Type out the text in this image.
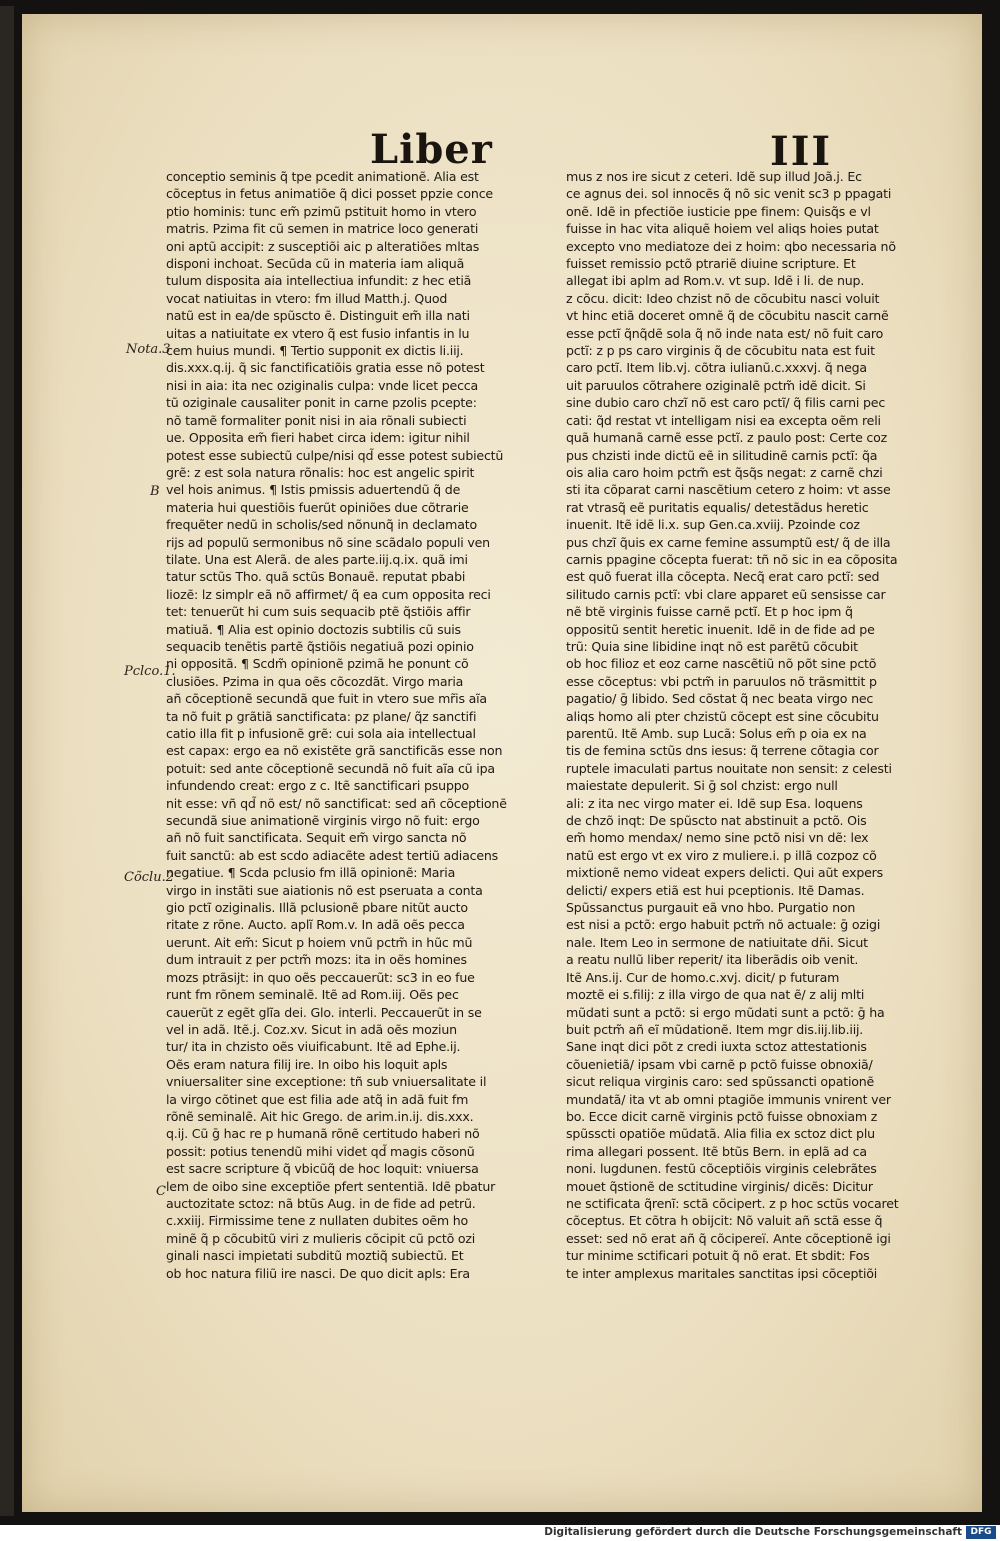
Liber	III
Nota.3
B
Pclco.1.
Cõclu.2
C
conceptio seminis q̃ tpe pcedit animationẽ. Alia est
cõceptus in fetus animatiõe q̃ dici posset ppzie conce
ptio hominis: tunc em̃ pzimũ pstituit homo in vtero
matris. Pzima fit cũ semen in matrice loco generati
oni aptũ accipit: z susceptiõi aic p alteratiões mltas
disponi inchoat. Secũda cũ in materia iam aliquã
tulum disposita aia intellectiua infundit: z hec etiã
vocat natiuitas in vtero: fm illud Matth.j. Quod
natũ est in ea/de spũscto ẽ. Distinguit em̃ illa nati
uitas a natiuitate ex vtero q̃ est fusio infantis in lu
cem huius mundi. ¶ Tertio supponit ex dictis li.iij.
dis.xxx.q.ij. q̃ sic fanctificatiõis gratia esse nõ potest
nisi in aia: ita nec oziginalis culpa: vnde licet pecca
tũ oziginale causaliter ponit in carne pzolis pcepte:
nõ tamẽ formaliter ponit nisi in aia rõnali subiecti
ue. Opposita em̃ fieri habet circa idem: igitur nihil
potest esse subiectũ culpe/nisi qd̃ esse potest subiectũ
grẽ: z est sola natura rõnalis: hoc est angelic spirit
vel hois animus. ¶ Istis pmissis aduertendũ q̃ de
materia hui questiõis fuerũt opiniões due cõtrarie
frequẽter nedũ in scholis/sed nõnunq̃ in declamato
rijs ad populũ sermonibus nõ sine scãdalo populi ven
tilate. Una est Alerã. de ales parte.iij.q.ix. quã imi
tatur sctũs Tho. quã sctũs Bonauẽ. reputat pbabi
liozẽ: lz simplr eã nõ affirmet/ q̃ ea cum opposita reci
tet: tenuerũt hi cum suis sequacib ptẽ q̃stiõis affir
matiuã. ¶ Alia est opinio doctozis subtilis cũ suis
sequacib tenẽtis partẽ q̃stiõis negatiuã pozi opinio
ni oppositã. ¶ Scdm̃ opinionẽ pzimã he ponunt cõ
clusiões. Pzima in qua oẽs cõcozdãt. Virgo maria
añ cõceptionẽ secundã que fuit in vtero sue mr̃is aĩa
ta nõ fuit p grãtiã sanctificata: pz plane/ q̃z sanctifi
catio illa fit p infusionẽ grẽ: cui sola aia intellectual
est capax: ergo ea nõ existẽte grã sanctificãs esse non
potuit: sed ante cõceptionẽ secundã nõ fuit aĩa cũ ipa
infundendo creat: ergo z c. Itẽ sanctificari psuppo
nit esse: vñ qd̃ nõ est/ nõ sanctificat: sed añ cõceptionẽ
secundã siue animationẽ virginis virgo nõ fuit: ergo
añ nõ fuit sanctificata. Sequit em̃ virgo sancta nõ
fuit sanctũ: ab est scdo adiacẽte adest tertiũ adiacens
negatiue. ¶ Scda pclusio fm illã opinionẽ: Maria
virgo in instãti sue aiationis nõ est pseruata a conta
gio pctĩ oziginalis. Illã pclusionẽ pbare nitũt aucto
ritate z rõne. Aucto. aplĩ Rom.v. In adã oẽs pecca
uerunt. Ait em̃: Sicut p hoiem vnũ pctm̃ in hũc mũ
dum intrauit z per pctm̃ mozs: ita in oẽs homines
mozs ptrãsijt: in quo oẽs peccauerũt: sc3 in eo fue
runt fm rõnem seminalẽ. Itẽ ad Rom.iij. Oẽs pec
cauerũt z egẽt glĩa dei. Glo. interli. Peccauerũt in se
vel in adã. Itẽ.j. Coz.xv. Sicut in adã oẽs moziun
tur/ ita in chzisto oẽs viuificabunt. Itẽ ad Ephe.ij.
Oẽs eram natura filij ire. In oibo his loquit apls
vniuersaliter sine exceptione: tñ sub vniuersalitate il
la virgo cõtinet que est filia ade atq̃ in adã fuit fm
rõnẽ seminalẽ. Ait hic Grego. de arim.in.ij. dis.xxx.
q.ij. Cũ ḡ hac re p humanã rõnẽ certitudo haberi nõ
possit: potius tenendũ mihi videt qd̃ magis cõsonũ
est sacre scripture q̃ vbicũq̃ de hoc loquit: vniuersa
lem de oibo sine exceptiõe pfert sententiã. Idẽ pbatur
auctozitate sctoz: nã btũs Aug. in de fide ad petrũ.
c.xxiij. Firmissime tene z nullaten dubites oẽm ho
minẽ q̃ p cõcubitũ viri z mulieris cõcipit cũ pctõ ozi
ginali nasci impietati subditũ moztiq̃ subiectũ. Et
ob hoc natura filiũ ire nasci. De quo dicit apls: Era
mus z nos ire sicut z ceteri. Idẽ sup illud Joã.j. Ec
ce agnus dei. sol innocẽs q̃ nõ sic venit sc3 p ppagati
onẽ. Idẽ in pfectiõe iusticie ppe finem: Quisq̃s e vl
fuisse in hac vita aliquẽ hoiem vel aliqs hoies putat
excepto vno mediatoze dei z hoim: qbo necessaria nõ
fuisset remissio pctõ ptrariẽ diuine scripture. Et
allegat ibi aplm ad Rom.v. vt sup. Idẽ i li. de nup.
z cõcu. dicit: Ideo chzist nõ de cõcubitu nasci voluit
vt hinc etiã doceret omnẽ q̃ de cõcubitu nascit carnẽ
esse pctĩ q̃nq̃dẽ sola q̃ nõ inde nata est/ nõ fuit caro
pctĩ: z p ps caro virginis q̃ de cõcubitu nata est fuit
caro pctĩ. Item lib.vj. cõtra iulianũ.c.xxxvj. q̃ nega
uit paruulos cõtrahere oziginalẽ pctm̃ idẽ dicit. Si
sine dubio caro chzĩ nõ est caro pctĩ/ q̃ filis carni pec
cati: q̃d restat vt intelligam nisi ea excepta oẽm reli
quã humanã carnẽ esse pctĩ. z paulo post: Certe coz
pus chzisti inde dictũ eẽ in silitudinẽ carnis pctĩ: q̃a
ois alia caro hoim pctm̃ est q̃sq̃s negat: z carnẽ chzi
sti ita cõparat carni nascẽtium cetero z hoim: vt asse
rat vtrasq̃ eẽ puritatis equalis/ detestãdus heretic
inuenit. Itẽ idẽ li.x. sup Gen.ca.xviij. Pzoinde coz
pus chzĩ q̃uis ex carne femine assumptũ est/ q̃ de illa
carnis ppagine cõcepta fuerat: tñ nõ sic in ea cõposita
est quõ fuerat illa cõcepta. Necq̃ erat caro pctĩ: sed
silitudo carnis pctĩ: vbi clare apparet eũ sensisse car
nẽ btẽ virginis fuisse carnẽ pctĩ. Et p hoc ipm q̃
oppositũ sentit heretic inuenit. Idẽ in de fide ad pe
trũ: Quia sine libidine inqt nõ est parẽtũ cõcubit
ob hoc filioz et eoz carne nascẽtiũ nõ põt sine pctõ
esse cõceptus: vbi pctm̃ in paruulos nõ trãsmittit p
pagatio/ ḡ libido. Sed cõstat q̃ nec beata virgo nec
aliqs homo ali pter chzistũ cõcept est sine cõcubitu
parentũ. Itẽ Amb. sup Lucã: Solus em̃ p oia ex na
tis de femina sctũs dns iesus: q̃ terrene cõtagia cor
ruptele imaculati partus nouitate non sensit: z celesti
maiestate depulerit. Si ḡ sol chzist: ergo null
ali: z ita nec virgo mater ei. Idẽ sup Esa. loquens
de chzõ inqt: De spũscto nat abstinuit a pctõ. Ois
em̃ homo mendax/ nemo sine pctõ nisi vn dẽ: lex
natũ est ergo vt ex viro z muliere.i. p illã cozpoz cõ
mixtionẽ nemo videat expers delicti. Qui aũt expers
delicti/ expers etiã est hui pceptionis. Itẽ Damas.
Spũssanctus purgauit eã vno hbo. Purgatio non
est nisi a pctõ: ergo habuit pctm̃ nõ actuale: ḡ ozigi
nale. Item Leo in sermone de natiuitate dñi. Sicut
a reatu nullũ liber reperit/ ita liberãdis oib venit.
Itẽ Ans.ij. Cur de homo.c.xvj. dicit/ p futuram
moztẽ ei s.filij: z illa virgo de qua nat ẽ/ z alij mlti
mũdati sunt a pctõ: si ergo mũdati sunt a pctõ: ḡ ha
buit pctm̃ añ eĩ mũdationẽ. Item mgr dis.iij.lib.iij.
Sane inqt dici põt z credi iuxta sctoz attestationis
cõuenietiã/ ipsam vbi carnẽ p pctõ fuisse obnoxiã/
sicut reliqua virginis caro: sed spũssancti opationẽ
mundatã/ ita vt ab omni ptagiõe immunis vnirent ver
bo. Ecce dicit carnẽ virginis pctõ fuisse obnoxiam z
spũsscti opatiõe mũdatã. Alia filia ex sctoz dict plu
rima allegari possent. Itẽ btũs Bern. in eplã ad ca
noni. lugdunen. festũ cõceptiõis virginis celebrãtes
mouet q̃stionẽ de sctitudine virginis/ dicẽs: Dicitur
ne sctificata q̃renĩ: sctã cõcipert. z p hoc sctũs vocaret
cõceptus. Et cõtra h obijcit: Nõ valuit añ sctã esse q̃
esset: sed nõ erat añ q̃ cõcipereï. Ante cõceptionẽ igi
tur minime sctificari potuit q̃ nõ erat. Et sbdit: Fos
te inter amplexus maritales sanctitas ipsi cõceptiõi
Digitalisierung gefördert durch die Deutsche Forschungsgemeinschaft DFG
